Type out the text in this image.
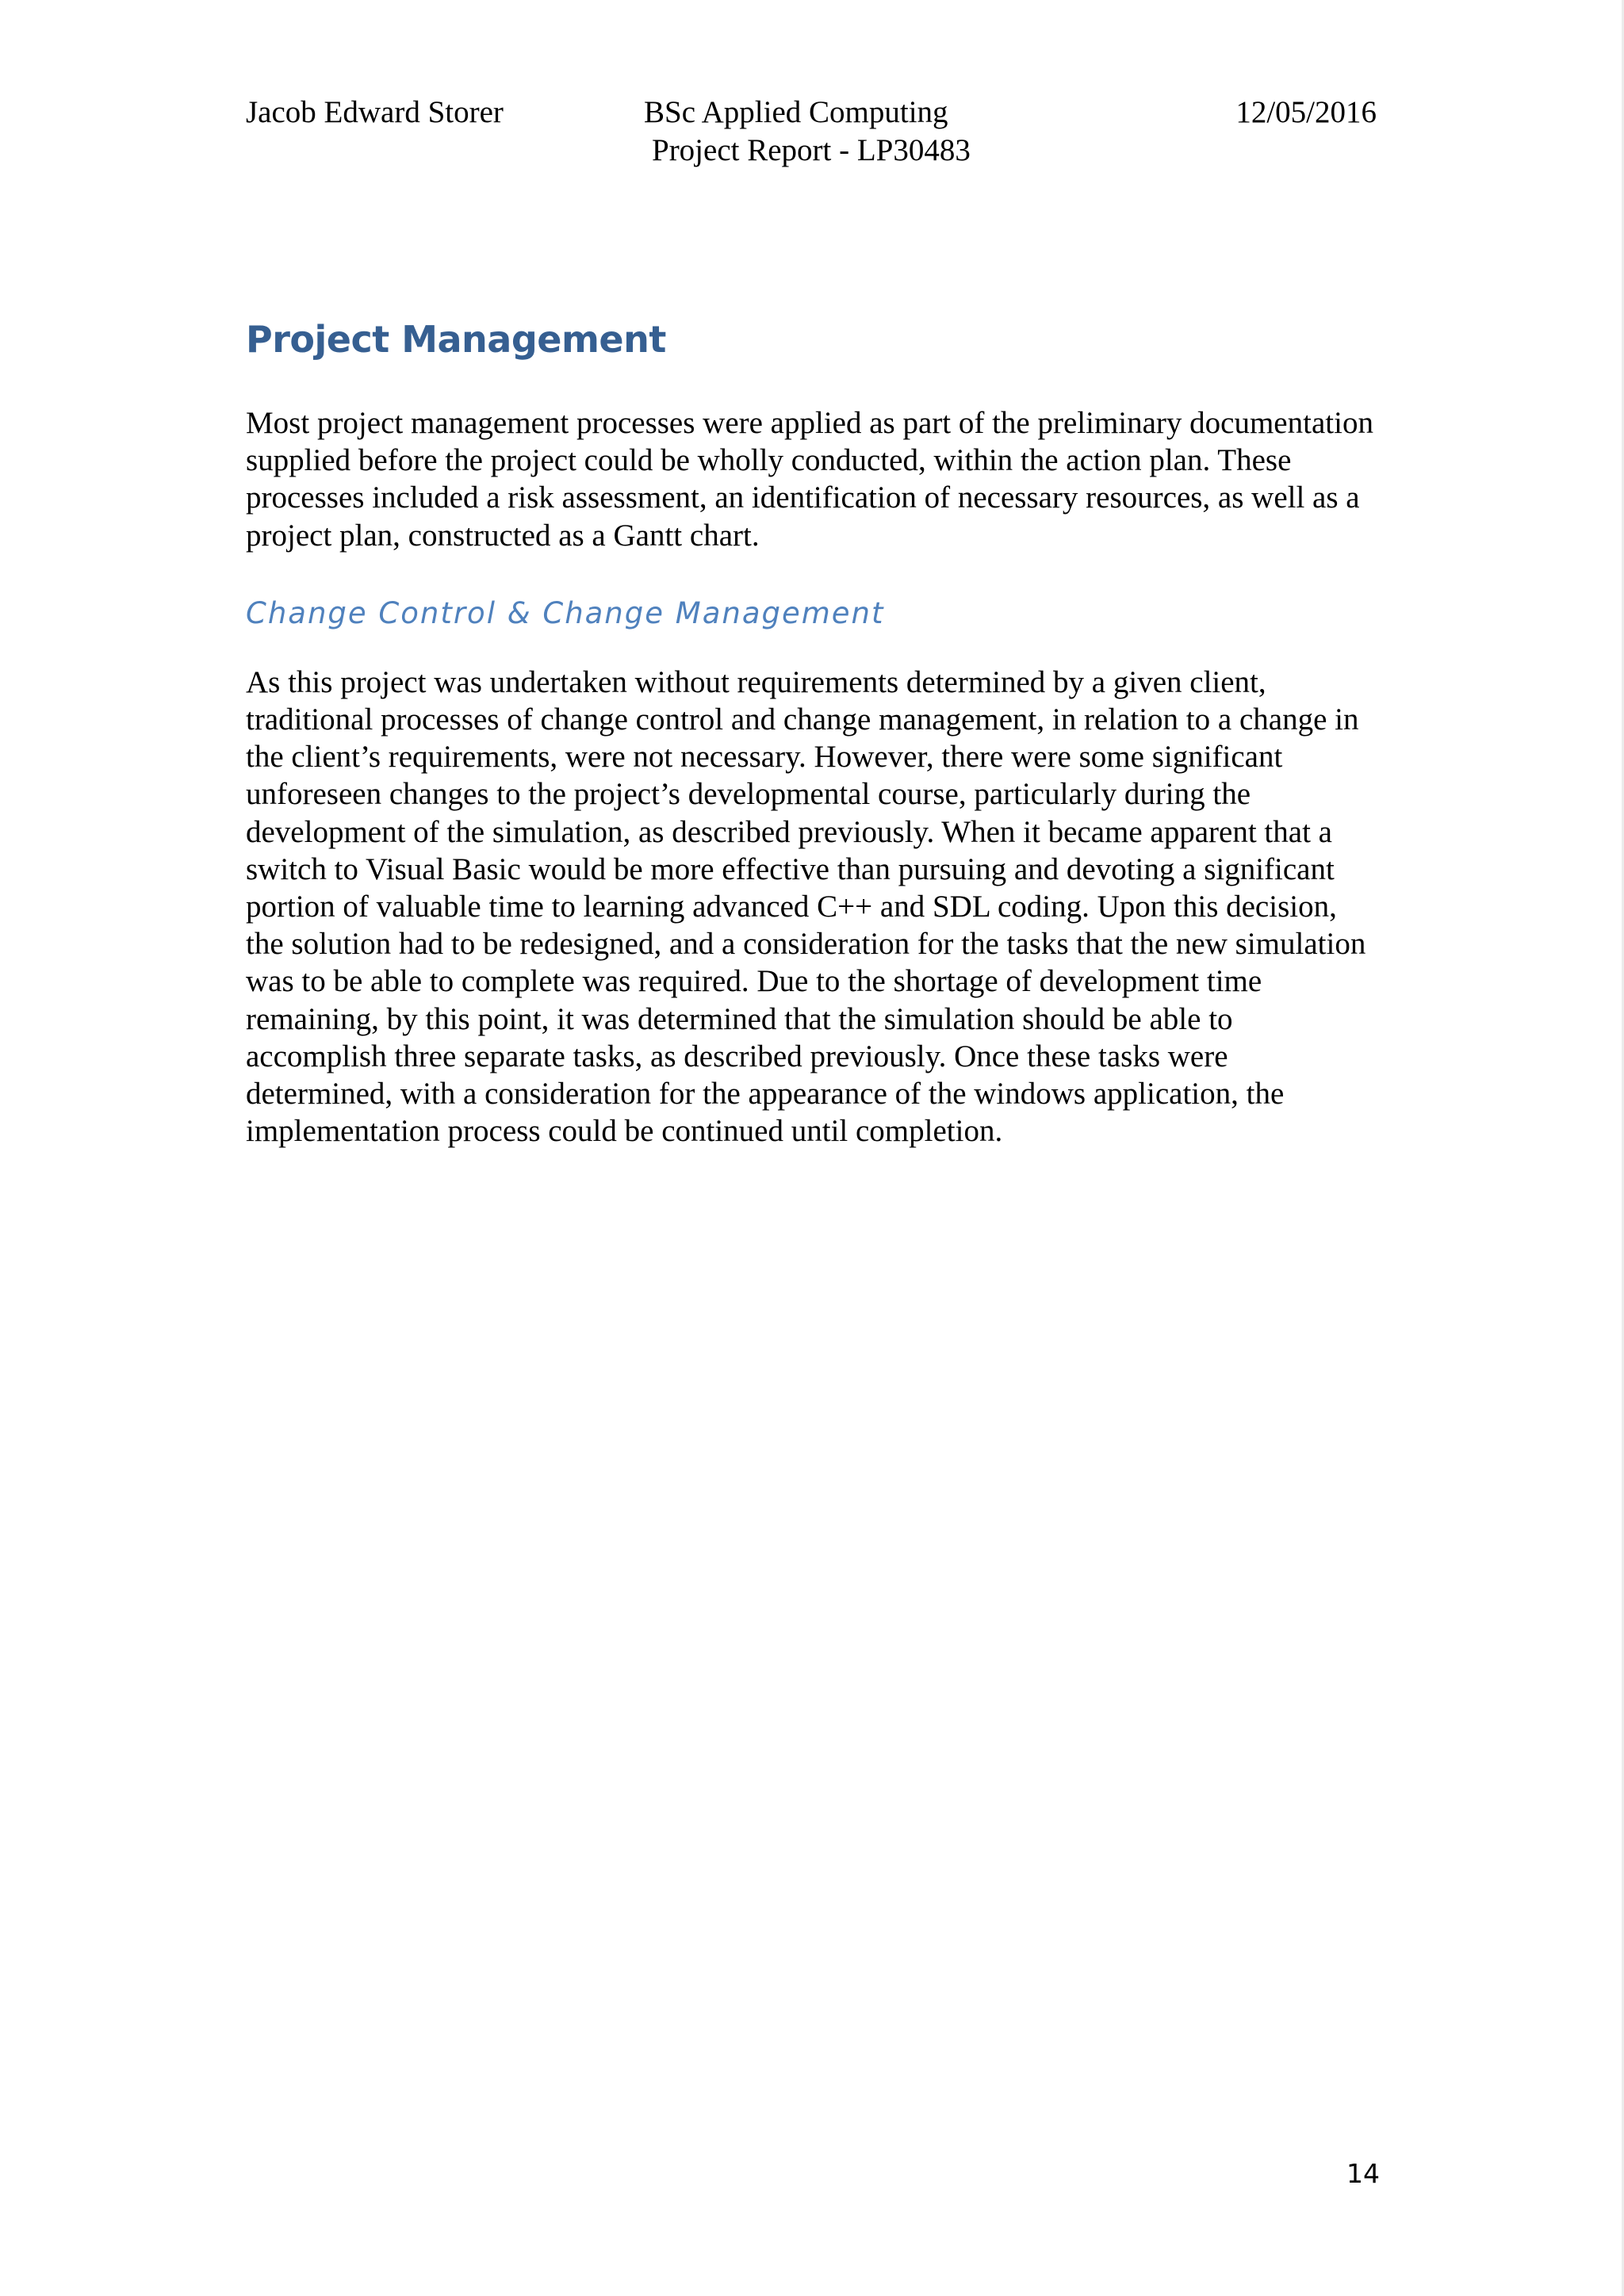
Jacob Edward Storer	BSc Applied Computing
Project Report - LP30483
12/05/2016
Project Management

Most project management processes were applied as part of the preliminary documentation supplied before the project could be wholly conducted, within the action plan. These processes included a risk assessment, an identification of necessary resources, as well as a project plan, constructed as a Gantt chart.

Change Control & Change Management

As this project was undertaken without requirements determined by a given client, traditional processes of change control and change management, in relation to a change in the client’s requirements, were not necessary. However, there were some significant unforeseen changes to the project’s developmental course, particularly during the development of the simulation, as described previously. When it became apparent that a switch to Visual Basic would be more effective than pursuing and devoting a significant portion of valuable time to learning advanced C++ and SDL coding. Upon this decision, the solution had to be redesigned, and a consideration for the tasks that the new simulation was to be able to complete was required. Due to the shortage of development time remaining, by this point, it was determined that the simulation should be able to accomplish three separate tasks, as described previously. Once these tasks were determined, with a consideration for the appearance of the windows application, the implementation process could be continued until completion.

14
